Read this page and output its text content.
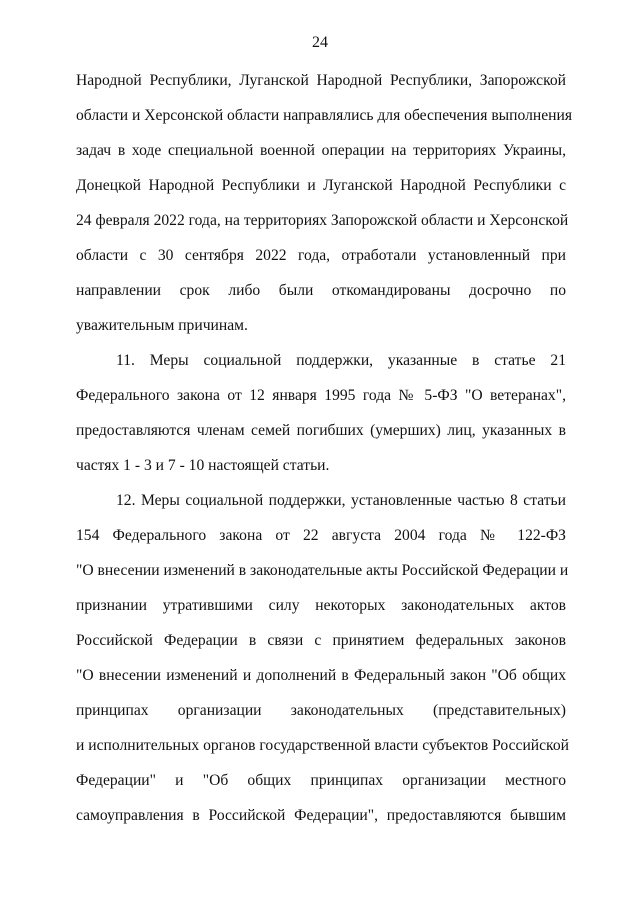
24
Народной Республики, Луганской Народной Республики, Запорожской
области и Херсонской области направлялись для обеспечения выполнения
задач в ходе специальной военной операции на территориях Украины,
Донецкой Народной Республики и Луганской Народной Республики с
24 февраля 2022 года, на территориях Запорожской области и Херсонской
области с 30 сентября 2022 года, отработали установленный при
направлении срок либо были откомандированы досрочно по
уважительным причинам.
11. Меры социальной поддержки, указанные в статье 21
Федерального закона от 12 января 1995 года № 5-ФЗ "О ветеранах",
предоставляются членам семей погибших (умерших) лиц, указанных в
частях 1 - 3 и 7 - 10 настоящей статьи.
12. Меры социальной поддержки, установленные частью 8 статьи
154 Федерального закона от 22 августа 2004 года № 122-ФЗ
"О внесении изменений в законодательные акты Российской Федерации и
признании утратившими силу некоторых законодательных актов
Российской Федерации в связи с принятием федеральных законов
"О внесении изменений и дополнений в Федеральный закон "Об общих
принципах организации законодательных (представительных)
и исполнительных органов государственной власти субъектов Российской
Федерации" и "Об общих принципах организации местного
самоуправления в Российской Федерации", предоставляются бывшим
